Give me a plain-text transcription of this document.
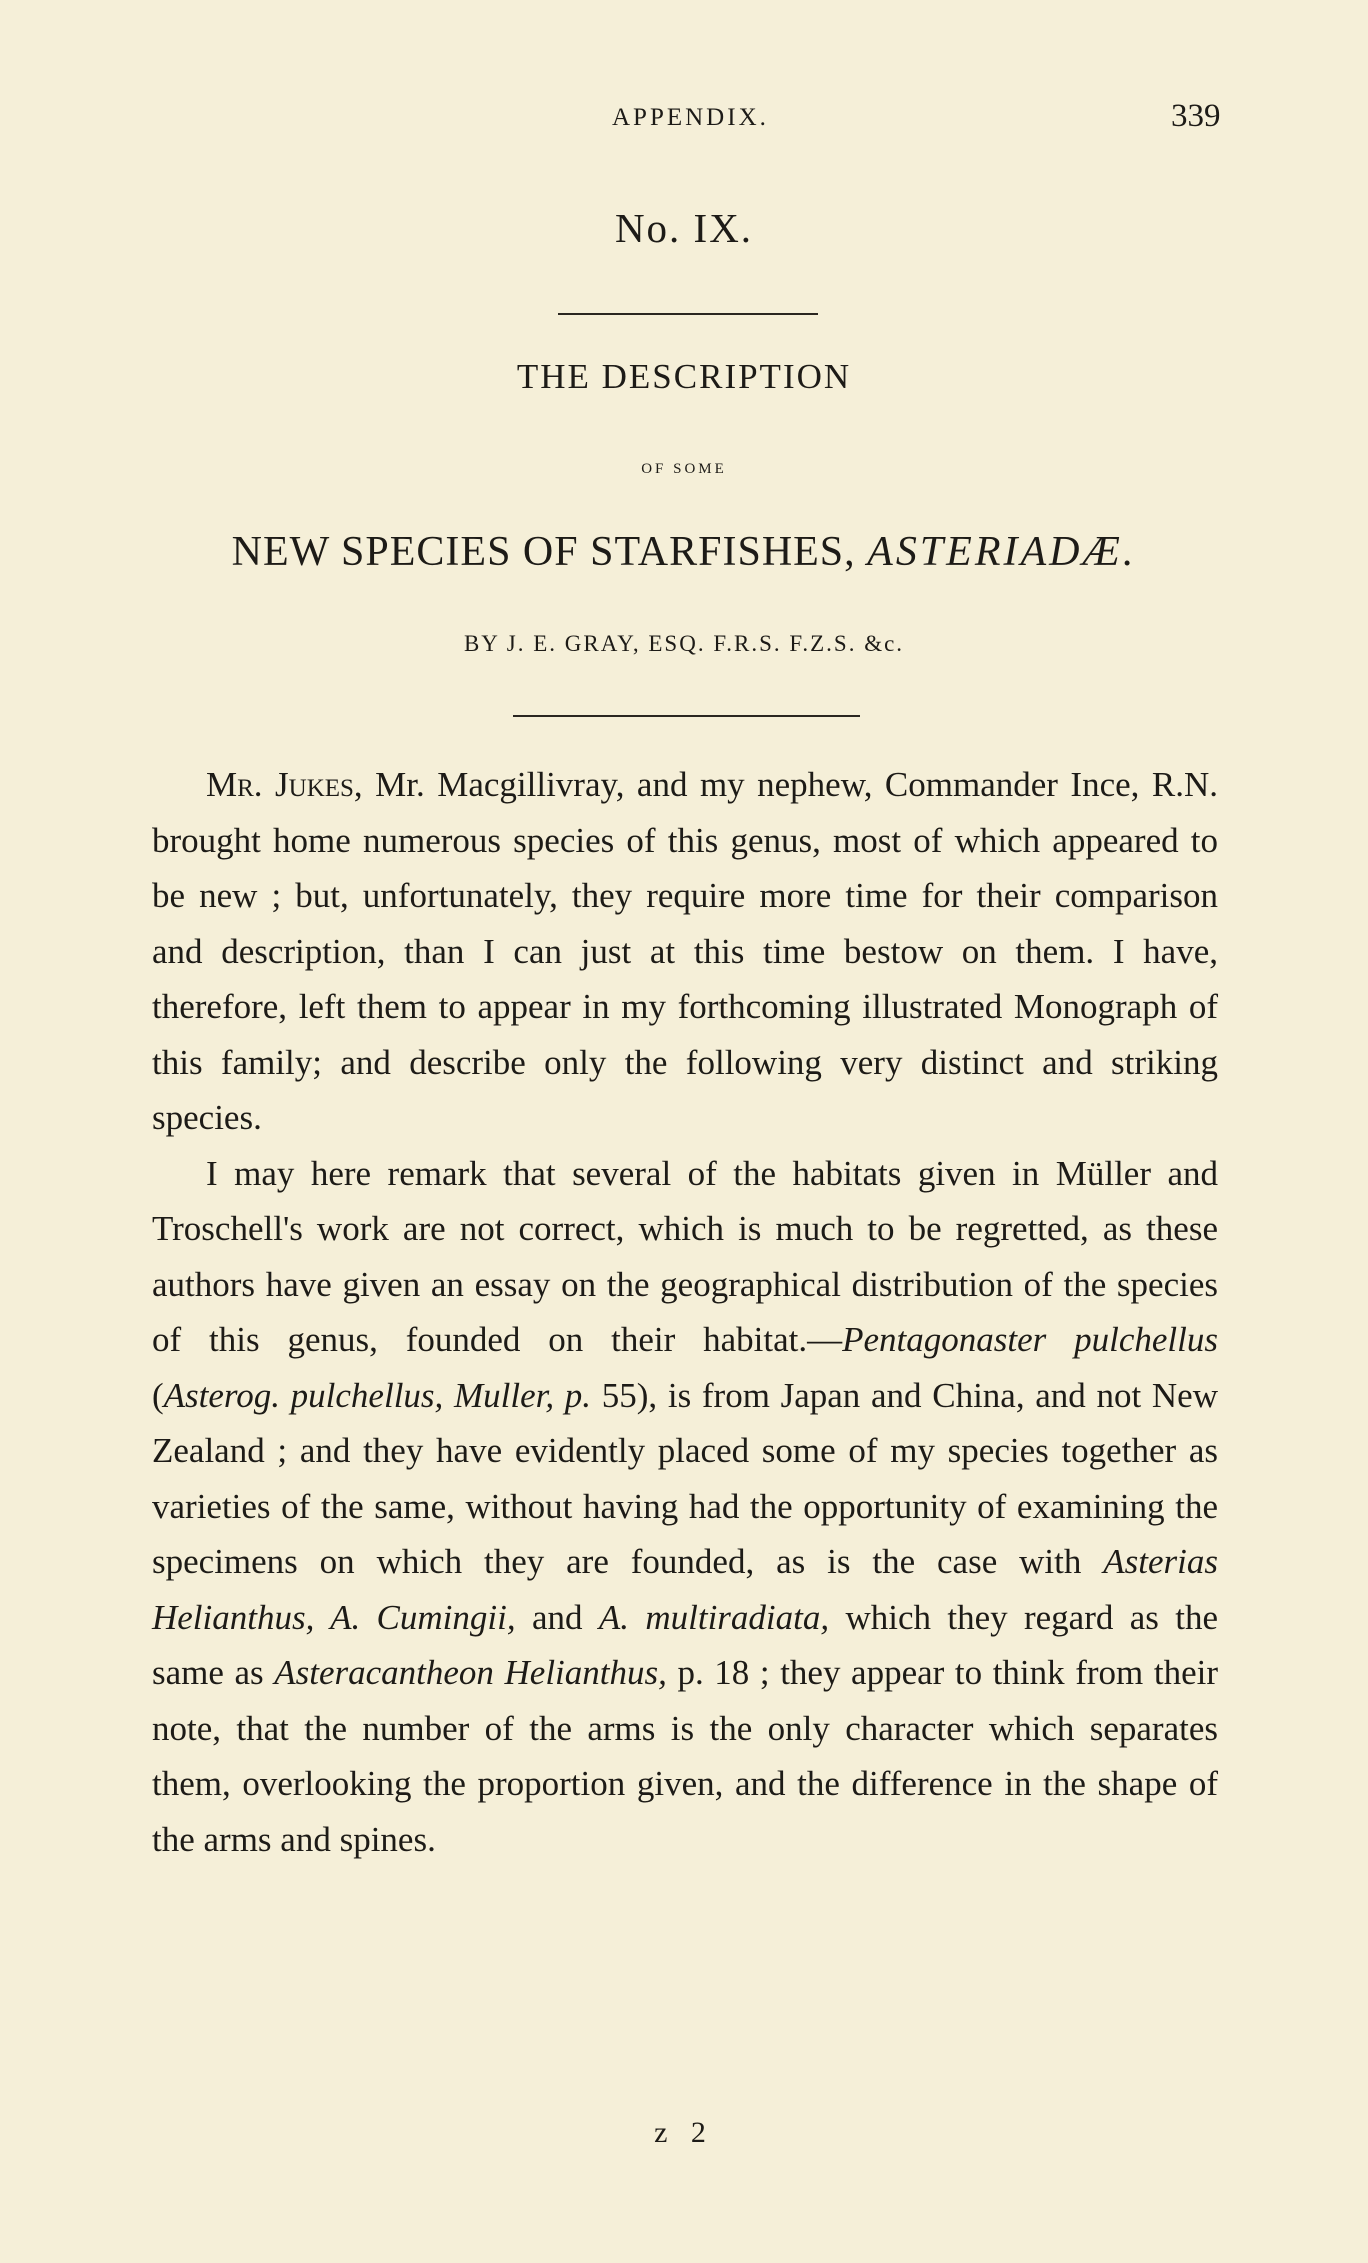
APPENDIX.	339
No. IX.
THE DESCRIPTION
OF SOME
NEW SPECIES OF STARFISHES, ASTERIADÆ.
BY J. E. GRAY, ESQ. F.R.S. F.Z.S. &c.

Mr. Jukes, Mr. Macgillivray, and my nephew, Commander Ince, R.N. brought home numerous species of this genus, most of which appeared to be new ; but, unfortunately, they require more time for their comparison and description, than I can just at this time bestow on them. I have, therefore, left them to appear in my forthcoming illustrated Monograph of this family; and describe only the following very distinct and striking species.

I may here remark that several of the habitats given in Müller and Troschell's work are not correct, which is much to be regretted, as these authors have given an essay on the geographical distribution of the species of this genus, founded on their habitat.—Pentagonaster pulchellus (Asterog. pulchellus, Muller, p. 55), is from Japan and China, and not New Zealand ; and they have evidently placed some of my species together as varieties of the same, without having had the opportunity of examining the specimens on which they are founded, as is the case with Asterias Helianthus, A. Cumingii, and A. multiradiata, which they regard as the same as Asteracantheon Helianthus, p. 18 ; they appear to think from their note, that the number of the arms is the only character which separates them, overlooking the proportion given, and the difference in the shape of the arms and spines.

z 2
